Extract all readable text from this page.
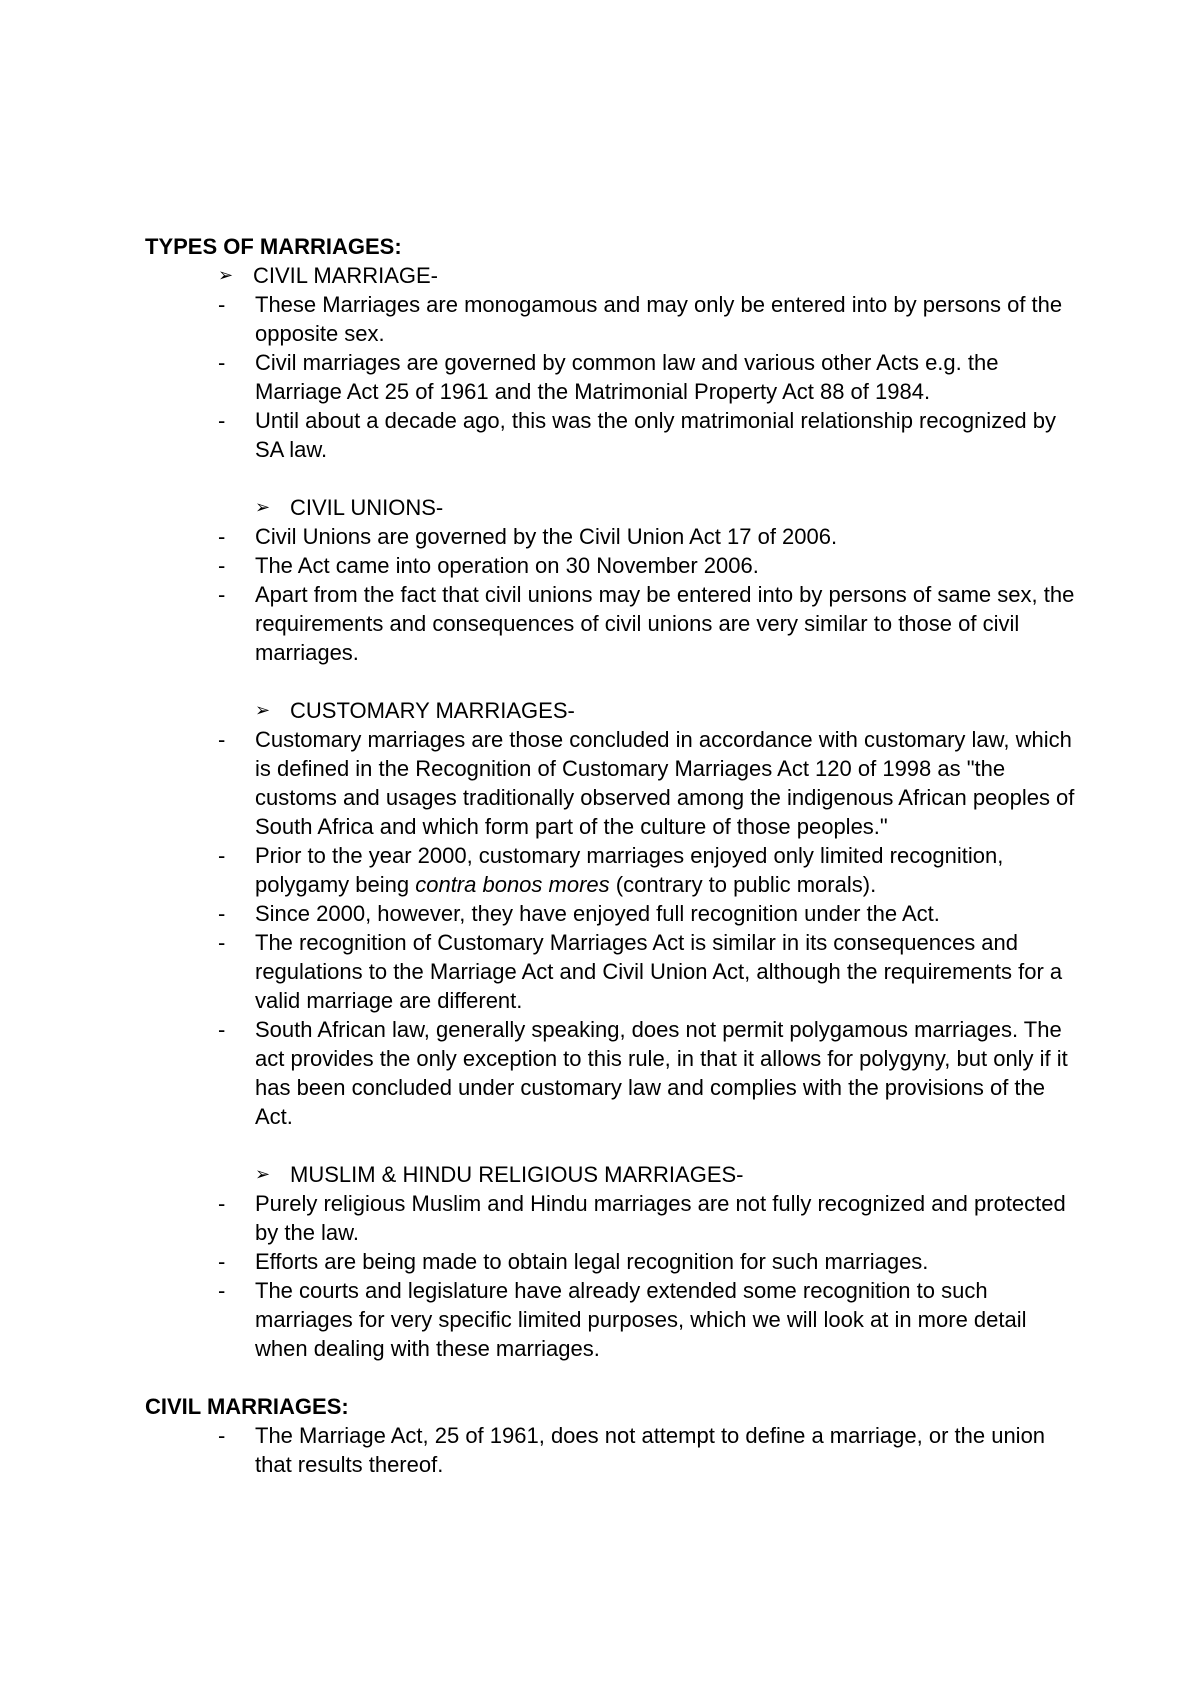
TYPES OF MARRIAGES:

➢ CIVIL MARRIAGE-

- These Marriages are monogamous and may only be entered into by persons of the opposite sex.
- Civil marriages are governed by common law and various other Acts e.g. the Marriage Act 25 of 1961 and the Matrimonial Property Act 88 of 1984.
- Until about a decade ago, this was the only matrimonial relationship recognized by SA law.

➢ CIVIL UNIONS-

- Civil Unions are governed by the Civil Union Act 17 of 2006.
- The Act came into operation on 30 November 2006.
- Apart from the fact that civil unions may be entered into by persons of same sex, the requirements and consequences of civil unions are very similar to those of civil marriages.

➢ CUSTOMARY MARRIAGES-

- Customary marriages are those concluded in accordance with customary law, which is defined in the Recognition of Customary Marriages Act 120 of 1998 as "the customs and usages traditionally observed among the indigenous African peoples of South Africa and which form part of the culture of those peoples."
- Prior to the year 2000, customary marriages enjoyed only limited recognition, polygamy being contra bonos mores (contrary to public morals).
- Since 2000, however, they have enjoyed full recognition under the Act.
- The recognition of Customary Marriages Act is similar in its consequences and regulations to the Marriage Act and Civil Union Act, although the requirements for a valid marriage are different.
- South African law, generally speaking, does not permit polygamous marriages. The act provides the only exception to this rule, in that it allows for polygyny, but only if it has been concluded under customary law and complies with the provisions of the Act.

➢ MUSLIM & HINDU RELIGIOUS MARRIAGES-

- Purely religious Muslim and Hindu marriages are not fully recognized and protected by the law.
- Efforts are being made to obtain legal recognition for such marriages.
- The courts and legislature have already extended some recognition to such marriages for very specific limited purposes, which we will look at in more detail when dealing with these marriages.

CIVIL MARRIAGES:

- The Marriage Act, 25 of 1961, does not attempt to define a marriage, or the union that results thereof.
